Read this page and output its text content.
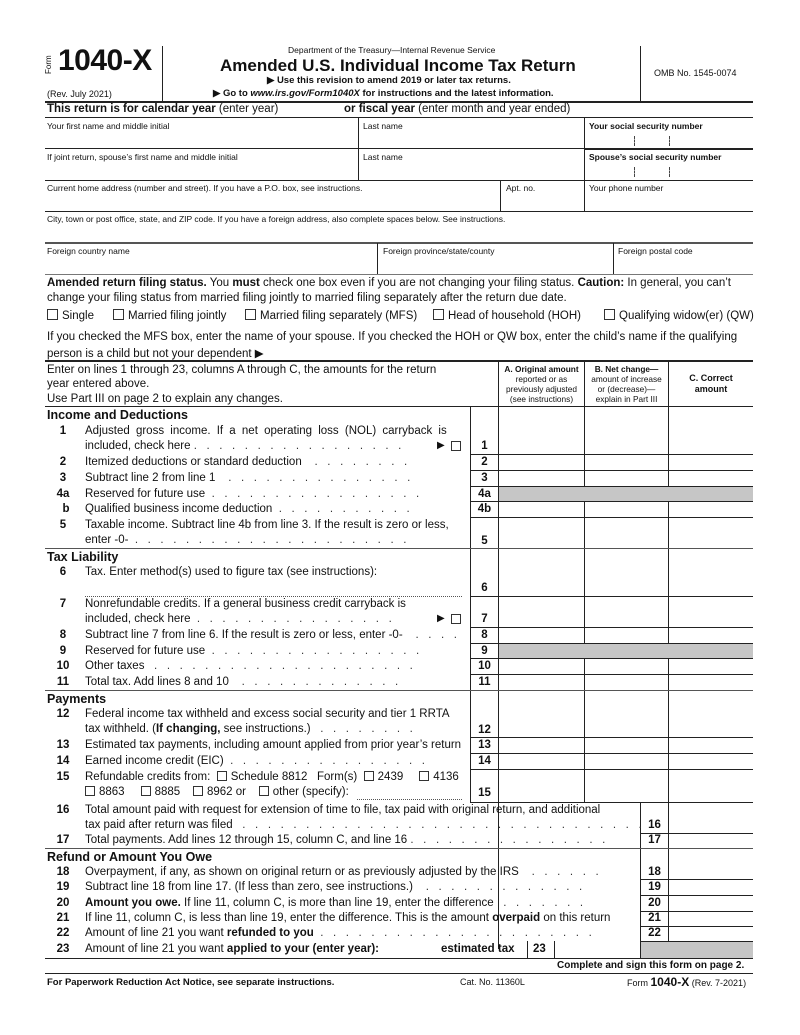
Form 1040-X
(Rev. July 2021)
Department of the Treasury—Internal Revenue Service
Amended U.S. Individual Income Tax Return
▶ Use this revision to amend 2019 or later tax returns.
▶ Go to www.irs.gov/Form1040X for instructions and the latest information.
OMB No. 1545-0074
This return is for calendar year (enter year)	or fiscal year (enter month and year ended)
Your first name and middle initial	Last name	Your social security number
If joint return, spouse’s first name and middle initial	Last name	Spouse’s social security number
Current home address (number and street). If you have a P.O. box, see instructions.	Apt. no.	Your phone number
City, town or post office, state, and ZIP code. If you have a foreign address, also complete spaces below. See instructions.
Foreign country name	Foreign province/state/county	Foreign postal code
Amended return filing status. You must check one box even if you are not changing your filing status. Caution: In general, you can’t
change your filing status from married filing jointly to married filing separately after the return due date.
Single	Married filing jointly	Married filing separately (MFS)	Head of household (HOH)	Qualifying widow(er) (QW)
If you checked the MFS box, enter the name of your spouse. If you checked the HOH or QW box, enter the child’s name if the qualifying
person is a child but not your dependent ▶
Enter on lines 1 through 23, columns A through C, the amounts for the return
year entered above.
Use Part III on page 2 to explain any changes.
A. Original amount
reported or as
previously adjusted
(see instructions)
B. Net change—
amount of increase
or (decrease)—
explain in Part III
C. Correct
amount
Income and Deductions
1	Adjusted gross income. If a net operating loss (NOL) carryback is
included, check here .   .   .   .   .   .   .   .   .   .   .   .   .   .   .   .   .	▶	1
2	Itemized deductions or standard deduction .   .   .   .   .   .   .   .	2
3	Subtract line 2 from line 1 .   .   .   .   .   .   .   .   .   .   .   .   .   .   .	3
4a	Reserved for future use .   .   .   .   .   .   .   .   .   .   .   .   .   .   .   .   .	4a
b	Qualified business income deduction .   .   .   .   .   .   .   .   .   .   .	4b
5	Taxable income. Subtract line 4b from line 3. If the result is zero or less,
enter -0- .   .   .   .   .   .   .   .   .   .   .   .   .   .   .   .   .   .   .   .   .   .	5
Tax Liability
6	Tax. Enter method(s) used to figure tax (see instructions):
6
7	Nonrefundable credits. If a general business credit carryback is
included, check here .   .   .   .   .   .   .   .   .   .   .   .   .   .   .   .	▶	7
8	Subtract line 7 from line 6. If the result is zero or less, enter -0- .   .   .   .	8
9	Reserved for future use .   .   .   .   .   .   .   .   .   .   .   .   .   .   .   .   .	9
10	Other taxes .   .   .   .   .   .   .   .   .   .   .   .   .   .   .   .   .   .   .   .   .	10
11	Total tax. Add lines 8 and 10 .   .   .   .   .   .   .   .   .   .   .   .   .	11
Payments
12	Federal income tax withheld and excess social security and tier 1 RRTA
tax withheld. (If changing, see instructions.) .   .   .   .   .   .   .   .	12
13	Estimated tax payments, including amount applied from prior year’s return	13
14	Earned income credit (EIC) .   .   .   .   .   .   .   .   .   .   .   .   .   .   .   .	14
15	Refundable credits from: Schedule 8812 Form(s) 2439	4136
8863	8885 8962 or other (specify):	15
16	Total amount paid with request for extension of time to file, tax paid with original return, and additional
tax paid after return was filed .   .   .   .   .   .   .   .   .   .   .   .   .   .   .   .   .   .   .   .   .   .   .   .   .   .   .   .   .   .   .   . 16
17	Total payments. Add lines 12 through 15, column C, and line 16 .   .   .   .   .   .   .   .   .   .   .   .   .   .   .   .	17
Refund or Amount You Owe
18	Overpayment, if any, as shown on original return or as previously adjusted by the IRS .   .   .   .   .   .	18
19	Subtract line 18 from line 17. (If less than zero, see instructions.) .   .   .   .   .   .   .   .   .   .   .   .   .	19
20	Amount you owe. If line 11, column C, is more than line 19, enter the difference .   .   .   .   .   .   .	20
21	If line 11, column C, is less than line 19, enter the difference. This is the amount overpaid on this return	21
22	Amount of line 21 you want refunded to you .   .   .   .   .   .   .   .   .   .   .   .   .   .   .   .   .   .   .   .   .   .	22
23	Amount of line 21 you want applied to your (enter year):	estimated tax 23
Complete and sign this form on page 2.
For Paperwork Reduction Act Notice, see separate instructions.	Cat. No. 11360L	Form 1040-X (Rev. 7-2021)
